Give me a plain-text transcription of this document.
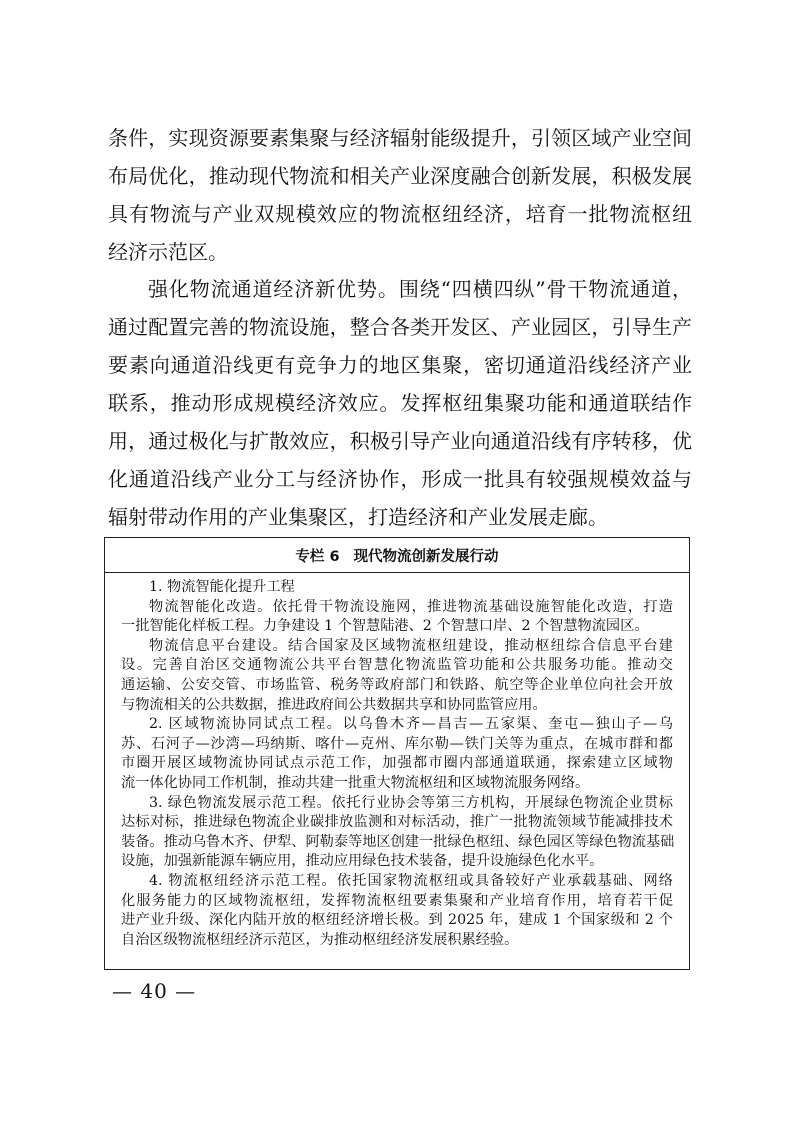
条件，实现资源要素集聚与经济辐射能级提升，引领区域产业空间
布局优化，推动现代物流和相关产业深度融合创新发展，积极发展
具有物流与产业双规模效应的物流枢纽经济，培育一批物流枢纽
经济示范区。
强化物流通道经济新优势。围绕“四横四纵”骨干物流通道，
通过配置完善的物流设施，整合各类开发区、产业园区，引导生产
要素向通道沿线更有竞争力的地区集聚，密切通道沿线经济产业
联系，推动形成规模经济效应。发挥枢纽集聚功能和通道联结作
用，通过极化与扩散效应，积极引导产业向通道沿线有序转移，优
化通道沿线产业分工与经济协作，形成一批具有较强规模效益与
辐射带动作用的产业集聚区，打造经济和产业发展走廊。
专栏 6 现代物流创新发展行动
1. 物流智能化提升工程
物流智能化改造。依托骨干物流设施网，推进物流基础设施智能化改造，打造
一批智能化样板工程。力争建设 1 个智慧陆港、2 个智慧口岸、2 个智慧物流园区。
物流信息平台建设。结合国家及区域物流枢纽建设，推动枢纽综合信息平台建
设。完善自治区交通物流公共平台智慧化物流监管功能和公共服务功能。推动交
通运输、公安交管、市场监管、税务等政府部门和铁路、航空等企业单位向社会开放
与物流相关的公共数据，推进政府间公共数据共享和协同监管应用。
2. 区域物流协同试点工程。以乌鲁木齐—昌吉—五家渠、奎屯—独山子—乌
苏、石河子—沙湾—玛纳斯、喀什—克州、库尔勒—铁门关等为重点，在城市群和都
市圈开展区域物流协同试点示范工作，加强都市圈内部通道联通，探索建立区域物
流一体化协同工作机制，推动共建一批重大物流枢纽和区域物流服务网络。
3. 绿色物流发展示范工程。依托行业协会等第三方机构，开展绿色物流企业贯标
达标对标，推进绿色物流企业碳排放监测和对标活动，推广一批物流领域节能减排技术
装备。推动乌鲁木齐、伊犁、阿勒泰等地区创建一批绿色枢纽、绿色园区等绿色物流基础
设施，加强新能源车辆应用，推动应用绿色技术装备，提升设施绿色化水平。
4. 物流枢纽经济示范工程。依托国家物流枢纽或具备较好产业承载基础、网络
化服务能力的区域物流枢纽，发挥物流枢纽要素集聚和产业培育作用，培育若干促
进产业升级、深化内陆开放的枢纽经济增长极。到 2025 年，建成 1 个国家级和 2 个
自治区级物流枢纽经济示范区，为推动枢纽经济发展积累经验。
— 40 —
